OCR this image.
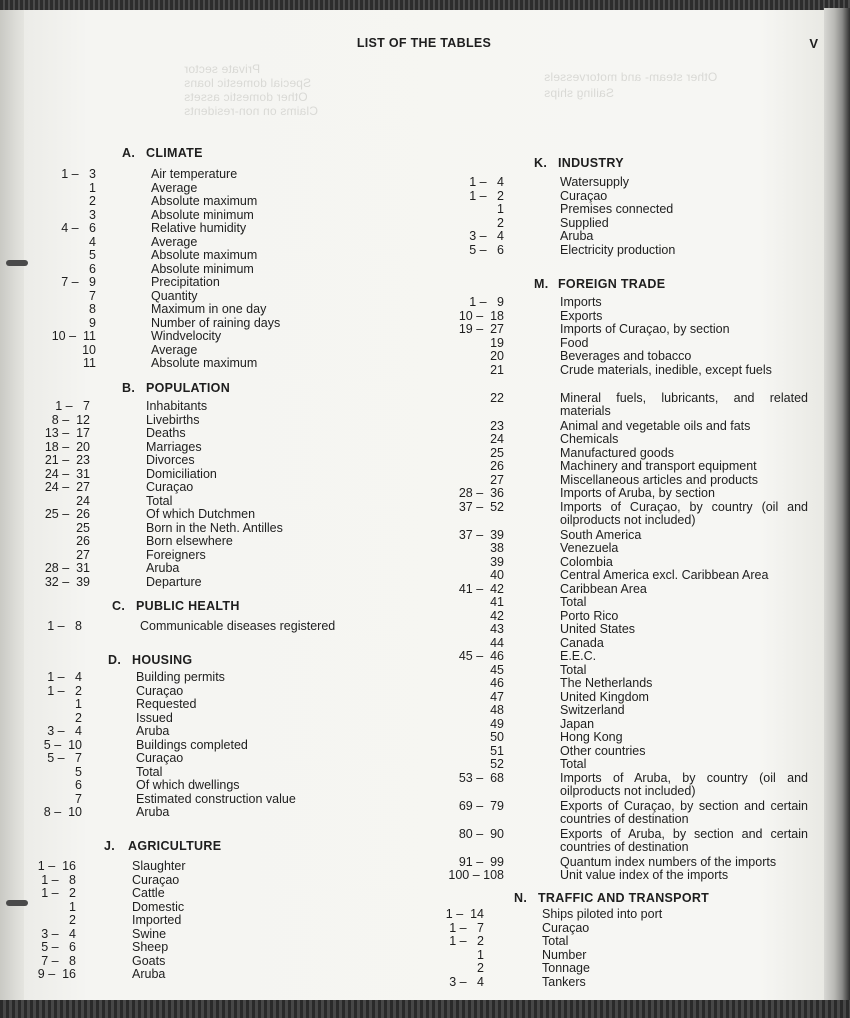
LIST OF THE TABLES	V
Private sector
Special domestic loans
Other domestic assets
Claims on non-residents
Other steam- and motorvessels
Sailing ships
A. CLIMATE
1 –   3	Air temperature
1	Average
2	Absolute maximum
3	Absolute minimum
4 –   6	Relative humidity
4	Average
5	Absolute maximum
6	Absolute minimum
7 –   9	Precipitation
7	Quantity
8	Maximum in one day
9	Number of raining days
10 –  11	Windvelocity
10	Average
11	Absolute maximum
B. POPULATION
1 –   7	Inhabitants
8 –  12	Livebirths
13 –  17	Deaths
18 –  20	Marriages
21 –  23	Divorces
24 –  31	Domiciliation
24 –  27	Curaçao
24	Total
25 –  26	Of which Dutchmen
25	Born in the Neth. Antilles
26	Born elsewhere
27	Foreigners
28 –  31	Aruba
32 –  39	Departure
C. PUBLIC HEALTH
1 –   8	Communicable diseases registered
D. HOUSING
1 –   4	Building permits
1 –   2	Curaçao
1	Requested
2	Issued
3 –   4	Aruba
5 –  10	Buildings completed
5 –   7	Curaçao
5	Total
6	Of which dwellings
7	Estimated construction value
8 –  10	Aruba
J. AGRICULTURE
1 –  16	Slaughter
1 –   8	Curaçao
1 –   2	Cattle
1	Domestic
2	Imported
3 –   4	Swine
5 –   6	Sheep
7 –   8	Goats
9 –  16	Aruba
K. INDUSTRY
1 –   4	Watersupply
1 –   2	Curaçao
1	Premises connected
2	Supplied
3 –   4	Aruba
5 –   6	Electricity production
M. FOREIGN TRADE
1 –   9	Imports
10 –  18	Exports
19 –  27	Imports of Curaçao, by section
19	Food
20	Beverages and tobacco
21	Crude materials, inedible, except fuels
22	Mineral fuels, lubricants, and related materials
23	Animal and vegetable oils and fats
24	Chemicals
25	Manufactured goods
26	Machinery and transport equipment
27	Miscellaneous articles and products
28 –  36	Imports of Aruba, by section
37 –  52	Imports of Curaçao, by country (oil and oilproducts not included)
37 –  39	South America
38	Venezuela
39	Colombia
40	Central America excl. Caribbean Area
41 –  42	Caribbean Area
41	Total
42	Porto Rico
43	United States
44	Canada
45 –  46	E.E.C.
45	Total
46	The Netherlands
47	United Kingdom
48	Switzerland
49	Japan
50	Hong Kong
51	Other countries
52	Total
53 –  68	Imports of Aruba, by country (oil and oilproducts not included)
69 –  79	Exports of Curaçao, by section and certain countries of destination
80 –  90	Exports of Aruba, by section and certain countries of destination
91 –  99	Quantum index numbers of the imports
100 – 108	Unit value index of the imports
N. TRAFFIC AND TRANSPORT
1 –  14	Ships piloted into port
1 –   7	Curaçao
1 –   2	Total
1	Number
2	Tonnage
3 –   4	Tankers
